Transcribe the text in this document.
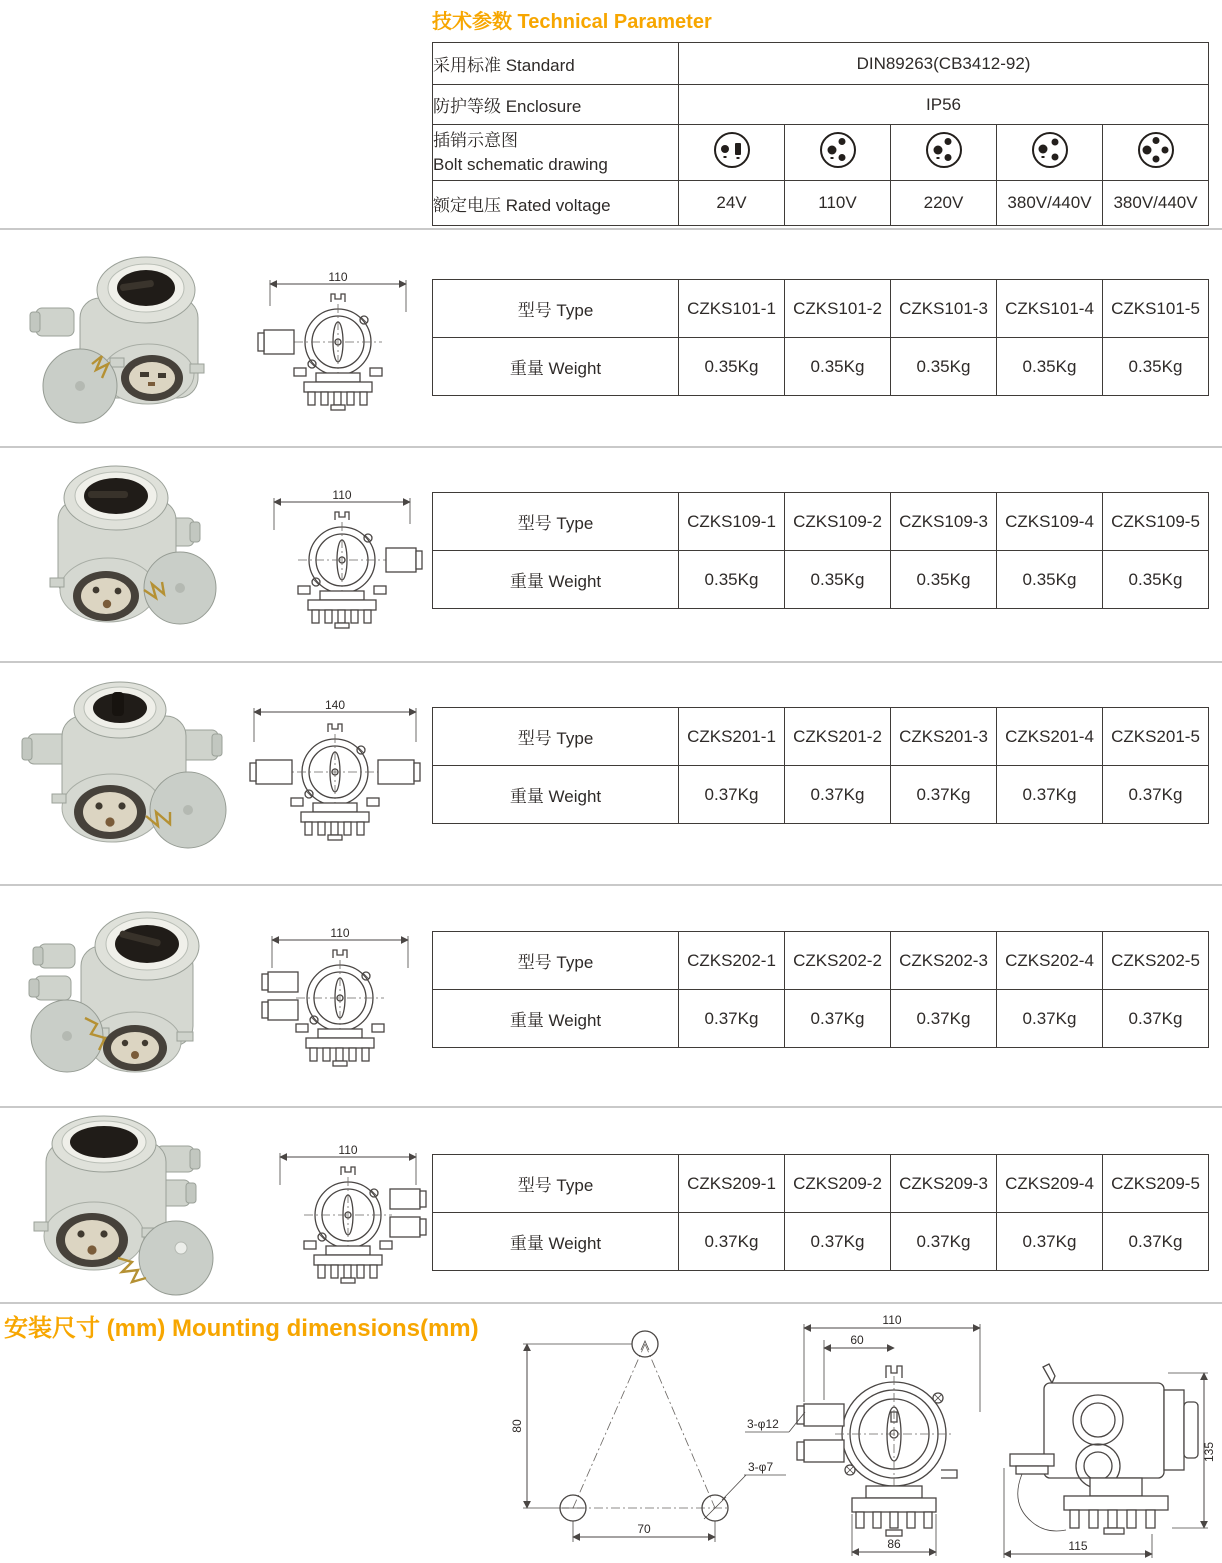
技术参数 Technical Parameter
采用标准 Standard	DIN89263(CB3412-92)				
防护等级 Enclosure	IP56				

插销示意图
Bolt schematic drawing

额定电压 Rated voltage	24V	110V	220V	380V/440V	380V/440V
110
型号 Type	CZKS101-1	CZKS101-2	CZKS101-3	CZKS101-4	CZKS101-5
重量 Weight	0.35Kg	0.35Kg	0.35Kg	0.35Kg	0.35Kg
110
型号 Type	CZKS109-1	CZKS109-2	CZKS109-3	CZKS109-4	CZKS109-5
重量 Weight	0.35Kg	0.35Kg	0.35Kg	0.35Kg	0.35Kg
140
型号 Type	CZKS201-1	CZKS201-2	CZKS201-3	CZKS201-4	CZKS201-5
重量 Weight	0.37Kg	0.37Kg	0.37Kg	0.37Kg	0.37Kg
110
型号 Type	CZKS202-1	CZKS202-2	CZKS202-3	CZKS202-4	CZKS202-5
重量 Weight	0.37Kg	0.37Kg	0.37Kg	0.37Kg	0.37Kg
110
型号 Type	CZKS209-1	CZKS209-2	CZKS209-3	CZKS209-4	CZKS209-5
重量 Weight	0.37Kg	0.37Kg	0.37Kg	0.37Kg	0.37Kg
安装尺寸 (mm) Mounting dimensions(mm)
80
70
3-φ7
110
60
3-φ12
86
135
115
